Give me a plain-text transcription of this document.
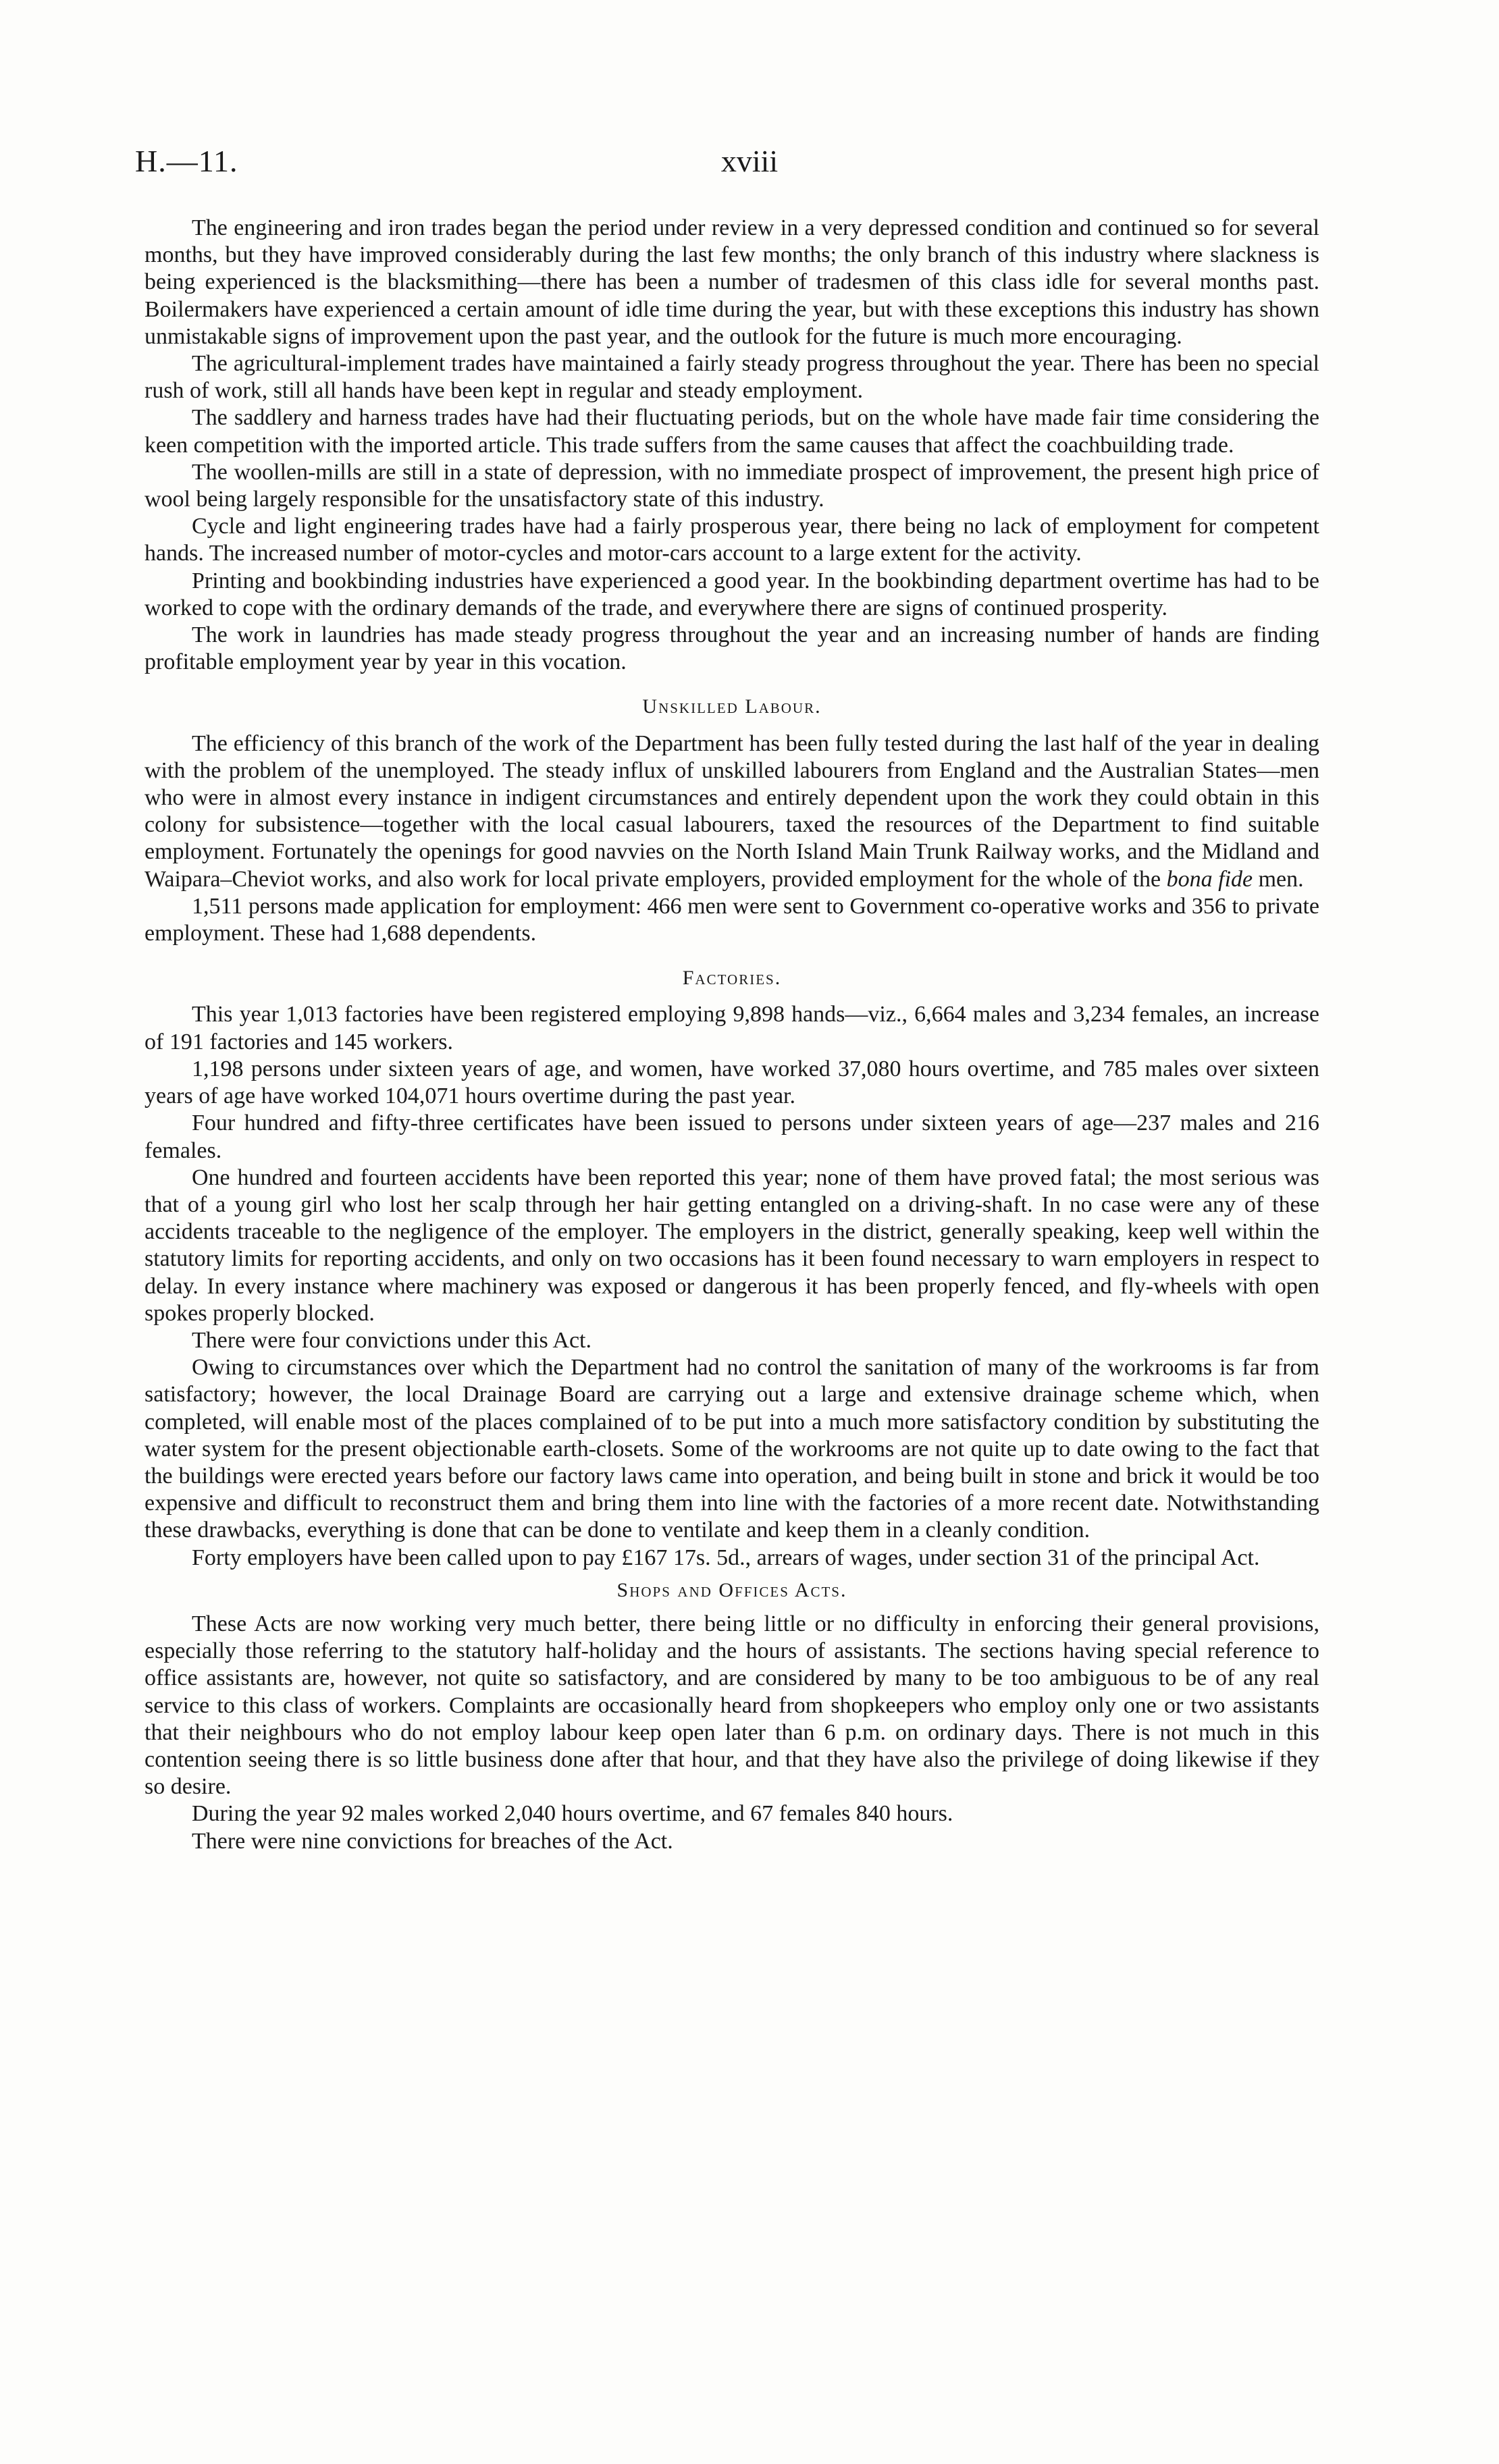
H.—11.	xviii

The engineering and iron trades began the period under review in a very depressed condition and continued so for several months, but they have improved considerably during the last few months; the only branch of this industry where slackness is being experienced is the blacksmithing—there has been a number of tradesmen of this class idle for several months past. Boilermakers have experienced a certain amount of idle time during the year, but with these exceptions this industry has shown unmistakable signs of improvement upon the past year, and the outlook for the future is much more encouraging.

The agricultural-implement trades have maintained a fairly steady progress throughout the year. There has been no special rush of work, still all hands have been kept in regular and steady employment.

The saddlery and harness trades have had their fluctuating periods, but on the whole have made fair time considering the keen competition with the imported article. This trade suffers from the same causes that affect the coachbuilding trade.

The woollen-mills are still in a state of depression, with no immediate prospect of improvement, the present high price of wool being largely responsible for the unsatisfactory state of this industry.

Cycle and light engineering trades have had a fairly prosperous year, there being no lack of employment for competent hands. The increased number of motor-cycles and motor-cars account to a large extent for the activity.

Printing and bookbinding industries have experienced a good year. In the bookbinding department overtime has had to be worked to cope with the ordinary demands of the trade, and everywhere there are signs of continued prosperity.

The work in laundries has made steady progress throughout the year and an increasing number of hands are finding profitable employment year by year in this vocation.

Unskilled Labour.

The efficiency of this branch of the work of the Department has been fully tested during the last half of the year in dealing with the problem of the unemployed. The steady influx of unskilled labourers from England and the Australian States—men who were in almost every instance in indigent circumstances and entirely dependent upon the work they could obtain in this colony for subsistence—together with the local casual labourers, taxed the resources of the Department to find suitable employment. Fortunately the openings for good navvies on the North Island Main Trunk Railway works, and the Midland and Waipara–Cheviot works, and also work for local private employers, provided employment for the whole of the bona fide men.

1,511 persons made application for employment: 466 men were sent to Government co-operative works and 356 to private employment. These had 1,688 dependents.

Factories.

This year 1,013 factories have been registered employing 9,898 hands—viz., 6,664 males and 3,234 females, an increase of 191 factories and 145 workers.

1,198 persons under sixteen years of age, and women, have worked 37,080 hours overtime, and 785 males over sixteen years of age have worked 104,071 hours overtime during the past year.

Four hundred and fifty-three certificates have been issued to persons under sixteen years of age—237 males and 216 females.

One hundred and fourteen accidents have been reported this year; none of them have proved fatal; the most serious was that of a young girl who lost her scalp through her hair getting entangled on a driving-shaft. In no case were any of these accidents traceable to the negligence of the employer. The employers in the district, generally speaking, keep well within the statutory limits for reporting accidents, and only on two occasions has it been found necessary to warn employers in respect to delay. In every instance where machinery was exposed or dangerous it has been properly fenced, and fly-wheels with open spokes properly blocked.

There were four convictions under this Act.

Owing to circumstances over which the Department had no control the sanitation of many of the workrooms is far from satisfactory; however, the local Drainage Board are carrying out a large and extensive drainage scheme which, when completed, will enable most of the places complained of to be put into a much more satisfactory condition by substituting the water system for the present objectionable earth-closets. Some of the workrooms are not quite up to date owing to the fact that the buildings were erected years before our factory laws came into operation, and being built in stone and brick it would be too expensive and difficult to reconstruct them and bring them into line with the factories of a more recent date. Notwithstanding these drawbacks, everything is done that can be done to ventilate and keep them in a cleanly condition.

Forty employers have been called upon to pay £167 17s. 5d., arrears of wages, under section 31 of the principal Act.

Shops and Offices Acts.

These Acts are now working very much better, there being little or no difficulty in enforcing their general provisions, especially those referring to the statutory half-holiday and the hours of assistants. The sections having special reference to office assistants are, however, not quite so satisfactory, and are considered by many to be too ambiguous to be of any real service to this class of workers. Complaints are occasionally heard from shopkeepers who employ only one or two assistants that their neighbours who do not employ labour keep open later than 6 p.m. on ordinary days. There is not much in this contention seeing there is so little business done after that hour, and that they have also the privilege of doing likewise if they so desire.

During the year 92 males worked 2,040 hours overtime, and 67 females 840 hours.

There were nine convictions for breaches of the Act.
